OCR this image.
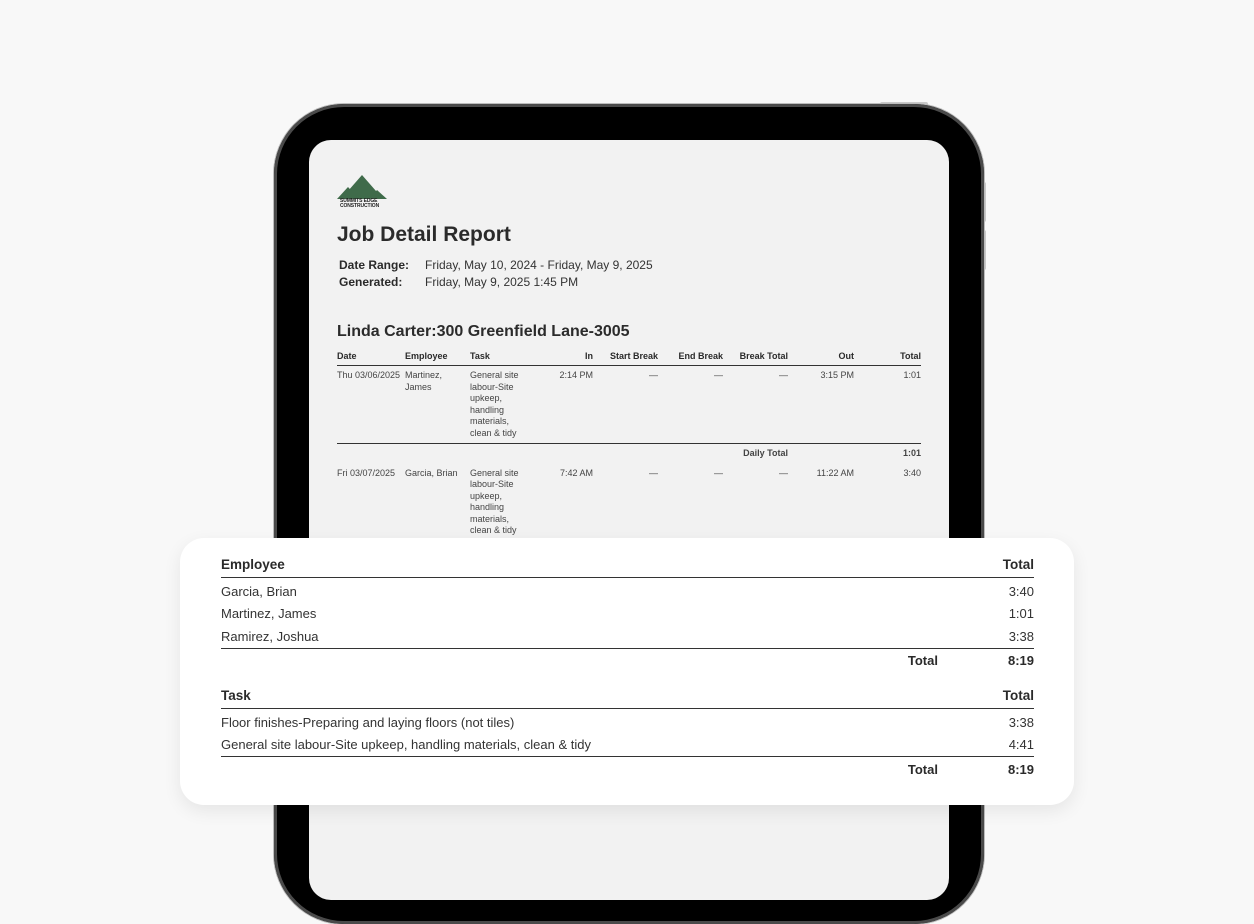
SUMMITS EDGE
CONSTRUCTION
Job Detail Report
Date Range:	Friday, May 10, 2024 - Friday, May 9, 2025
Generated:	Friday, May 9, 2025 1:45 PM
Linda Carter:300 Greenfield Lane-3005
Date	Employee	Task	In	Start Break	End Break	Break Total	Out	Total
Thu 03/06/2025	Martinez, James	General site labour-Site upkeep, handling materials, clean & tidy	2:14 PM	—	—	—	3:15 PM	1:01
Daily Total								1:01
Fri 03/07/2025	Garcia, Brian	General site labour-Site upkeep, handling materials, clean & tidy	7:42 AM	—	—	—	11:22 AM	3:40
Employee	Total
Garcia, Brian	3:40
Martinez, James	1:01
Ramirez, Joshua	3:38
Total	8:19
Task	Total
Floor finishes-Preparing and laying floors (not tiles)	3:38
General site labour-Site upkeep, handling materials, clean & tidy	4:41
Total	8:19
